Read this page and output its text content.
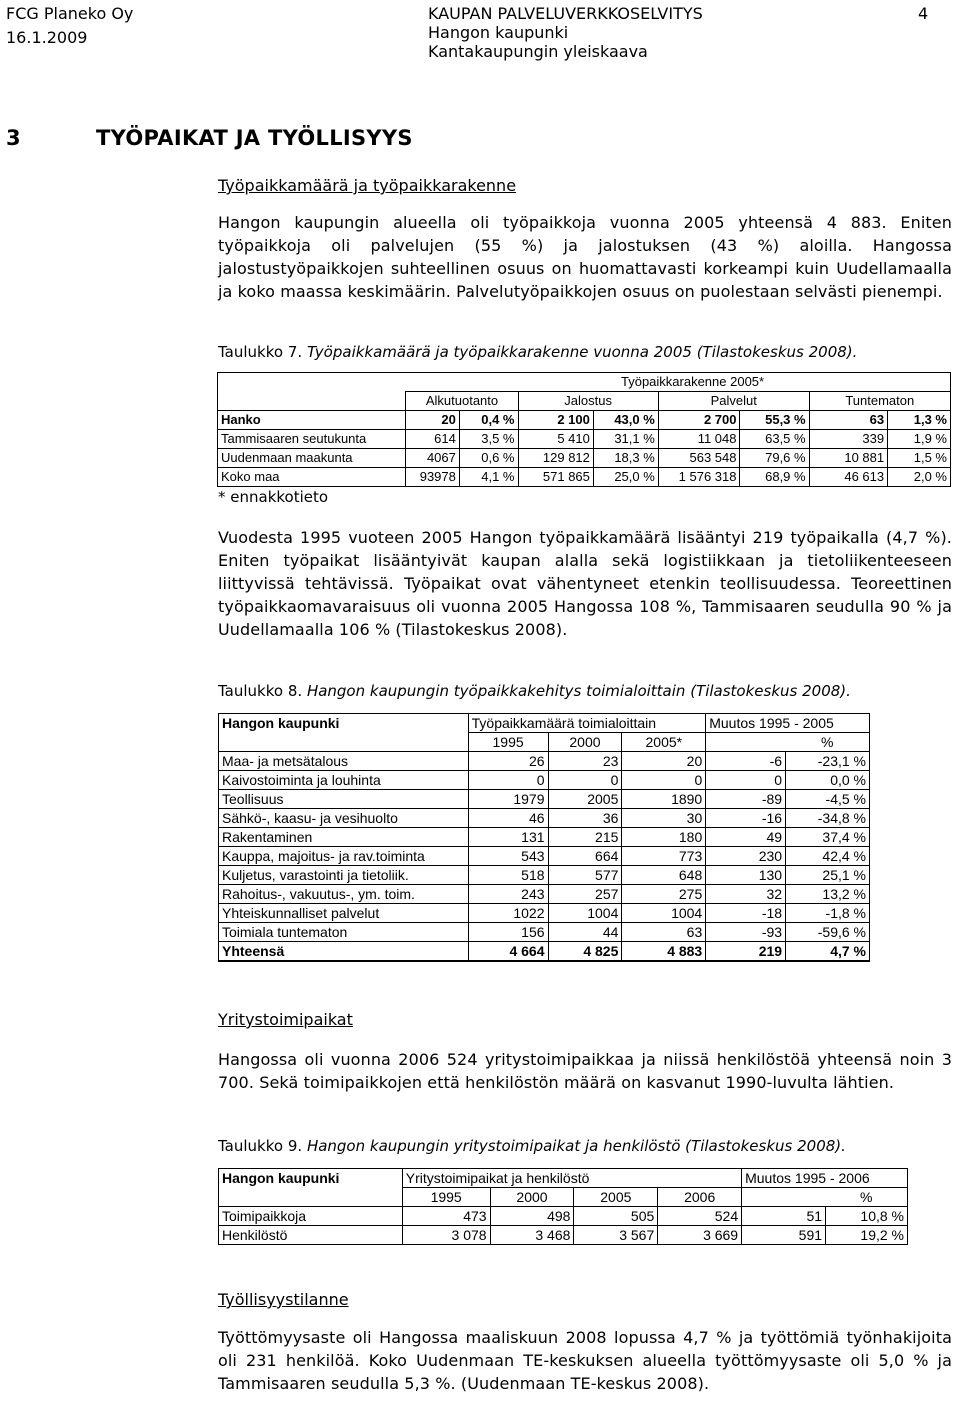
FCG Planeko Oy
16.1.2009
KAUPAN PALVELUVERKKOSELVITYS
Hangon kaupunki
Kantakaupungin yleiskaava
4
3	TYÖPAIKAT JA TYÖLLISYYS
Työpaikkamäärä ja työpaikkarakenne
Hangon kaupungin alueella oli työpaikkoja vuonna 2005 yhteensä 4 883. Eniten työpaikkoja oli palvelujen (55 %) ja jalostuksen (43 %) aloilla. Hangossa jalostustyöpaikkojen suhteellinen osuus on huomattavasti korkeampi kuin Uudellamaalla ja koko maassa keskimäärin. Palvelutyöpaikkojen osuus on puolestaan selvästi pienempi.
Taulukko 7. Työpaikkamäärä ja työpaikkarakenne vuonna 2005 (Tilastokeskus 2008).
	Työpaikkarakenne 2005*							
	Alkutuotanto		Jalostus		Palvelut		Tuntematon	
Hanko	20	0,4 %	2 100	43,0 %	2 700	55,3 %	63	1,3 %
Tammisaaren seutukunta	614	3,5 %	5 410	31,1 %	11 048	63,5 %	339	1,9 %
Uudenmaan maakunta	4067	0,6 %	129 812	18,3 %	563 548	79,6 %	10 881	1,5 %
Koko maa	93978	4,1 %	571 865	25,0 %	1 576 318	68,9 %	46 613	2,0 %
* ennakkotieto
Vuodesta 1995 vuoteen 2005 Hangon työpaikkamäärä lisääntyi 219 työpaikalla (4,7 %). Eniten työpaikat lisääntyivät kaupan alalla sekä logistiikkaan ja tietoliikenteeseen liittyvissä tehtävissä. Työpaikat ovat vähentyneet etenkin teollisuudessa. Teoreettinen työpaikkaomavaraisuus oli vuonna 2005 Hangossa 108 %, Tammisaaren seudulla 90 % ja Uudellamaalla 106 % (Tilastokeskus 2008).
Taulukko 8. Hangon kaupungin työpaikkakehitys toimialoittain (Tilastokeskus 2008).
Hangon kaupunki	Työpaikkamäärä toimialoittain			Muutos 1995 - 2005	
	1995	2000	2005*		%
Maa- ja metsätalous	26	23	20	-6	-23,1 %
Kaivostoiminta ja louhinta	0	0	0	0	0,0 %
Teollisuus	1979	2005	1890	-89	-4,5 %
Sähkö-, kaasu- ja vesihuolto	46	36	30	-16	-34,8 %
Rakentaminen	131	215	180	49	37,4 %
Kauppa, majoitus- ja rav.toiminta	543	664	773	230	42,4 %
Kuljetus, varastointi ja tietoliik.	518	577	648	130	25,1 %
Rahoitus-, vakuutus-, ym. toim.	243	257	275	32	13,2 %
Yhteiskunnalliset palvelut	1022	1004	1004	-18	-1,8 %
Toimiala tuntematon	156	44	63	-93	-59,6 %
Yhteensä	4 664	4 825	4 883	219	4,7 %
Yritystoimipaikat
Hangossa oli vuonna 2006 524 yritystoimipaikkaa ja niissä henkilöstöä yhteensä noin 3 700. Sekä toimipaikkojen että henkilöstön määrä on kasvanut 1990-luvulta lähtien.
Taulukko 9. Hangon kaupungin yritystoimipaikat ja henkilöstö (Tilastokeskus 2008).
Hangon kaupunki	Yritystoimipaikat ja henkilöstö				Muutos 1995 - 2006	
	1995	2000	2005	2006		%
Toimipaikkoja	473	498	505	524	51	10,8 %
Henkilöstö	3 078	3 468	3 567	3 669	591	19,2 %
Työllisyystilanne
Työttömyysaste oli Hangossa maaliskuun 2008 lopussa 4,7 % ja työttömiä työnhakijoita oli 231 henkilöä. Koko Uudenmaan TE-keskuksen alueella työttömyysaste oli 5,0 % ja Tammisaaren seudulla 5,3 %. (Uudenmaan TE-keskus 2008).
